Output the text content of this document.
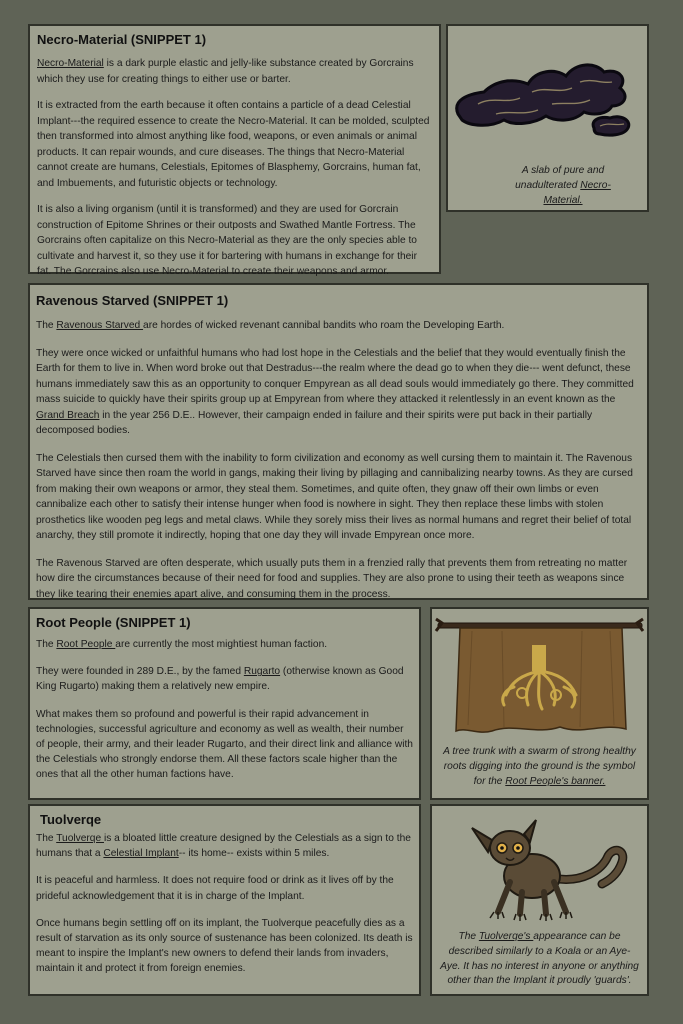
Necro-Material (SNIPPET 1)

Necro-Material is a dark purple elastic and jelly-like substance created by Gorcrains which they use for creating things to either use or barter.

It is extracted from the earth because it often contains a particle of a dead Celestial Implant---the required essence to create the Necro-Material. It can be molded, sculpted then transformed into almost anything like food, weapons, or even animals or animal products. It can repair wounds, and cure diseases. The things that Necro-Material cannot create are humans, Celestials, Epitomes of Blasphemy, Gorcrains, human fat, and Imbuements, and futuristic objects or technology.

It is also a living organism (until it is transformed) and they are used for Gorcrain construction of Epitome Shrines or their outposts and Swathed Mantle Fortress. The Gorcrains often capitalize on this Necro-Material as they are the only species able to cultivate and harvest it, so they use it for bartering with humans in exchange for their fat. The Gorcrains also use Necro-Material to create their weapons and armor.

A slab of pure and unadulterated Necro-Material.

Ravenous Starved (SNIPPET 1)

The Ravenous Starved are hordes of wicked revenant cannibal bandits who roam the Developing Earth.

They were once wicked or unfaithful humans who had lost hope in the Celestials and the belief that they would eventually finish the Earth for them to live in. When word broke out that Destradus---the realm where the dead go to when they die--- went defunct, these humans immediately saw this as an opportunity to conquer Empyrean as all dead souls would immediately go there. They committed mass suicide to quickly have their spirits group up at Empyrean from where they attacked it relentlessly in an event known as the Grand Breach in the year 256 D.E.. However, their campaign ended in failure and their spirits were put back in their partially decomposed bodies.

The Celestials then cursed them with the inability to form civilization and economy as well cursing them to maintain it. The Ravenous Starved have since then roam the world in gangs, making their living by pillaging and cannibalizing nearby towns. As they are cursed from making their own weapons or armor, they steal them. Sometimes, and quite often, they gnaw off their own limbs or even cannibalize each other to satisfy their intense hunger when food is nowhere in sight. They then replace these limbs with stolen prosthetics like wooden peg legs and metal claws. While they sorely miss their lives as normal humans and regret their belief of total anarchy, they still promote it indirectly, hoping that one day they will invade Empyrean once more.

The Ravenous Starved are often desperate, which usually puts them in a frenzied rally that prevents them from retreating no matter how dire the circumstances because of their need for food and supplies. They are also prone to using their teeth as weapons since they like tearing their enemies apart alive, and consuming them in the process.

Root People (SNIPPET 1)

The Root People are currently the most mightiest human faction.

They were founded in 289 D.E., by the famed Rugarto (otherwise known as Good King Rugarto) making them a relatively new empire.

What makes them so profound and powerful is their rapid advancement in technologies, successful agriculture and economy as well as wealth, their number of people, their army, and their leader Rugarto, and their direct link and alliance with the Celestials who strongly endorse them. All these factors scale higher than the ones that all the other human factions have.

A tree trunk with a swarm of strong healthy roots digging into the ground is the symbol for the Root People's banner.

Tuolverqe

The Tuolverqe is a bloated little creature designed by the Celestials as a sign to the humans that a Celestial Implant-- its home-- exists within 5 miles.

It is peaceful and harmless. It does not require food or drink as it lives off by the prideful acknowledgement that it is in charge of the Implant.

Once humans begin settling off on its implant, the Tuolverque peacefully dies as a result of starvation as its only source of sustenance has been colonized. Its death is meant to inspire the Implant's new owners to defend their lands from invaders, maintain it and protect it from foreign enemies.

The Tuolverqe's appearance can be described similarly to a Koala or an Aye-Aye. It has no interest in anyone or anything other than the Implant it proudly 'guards'.
